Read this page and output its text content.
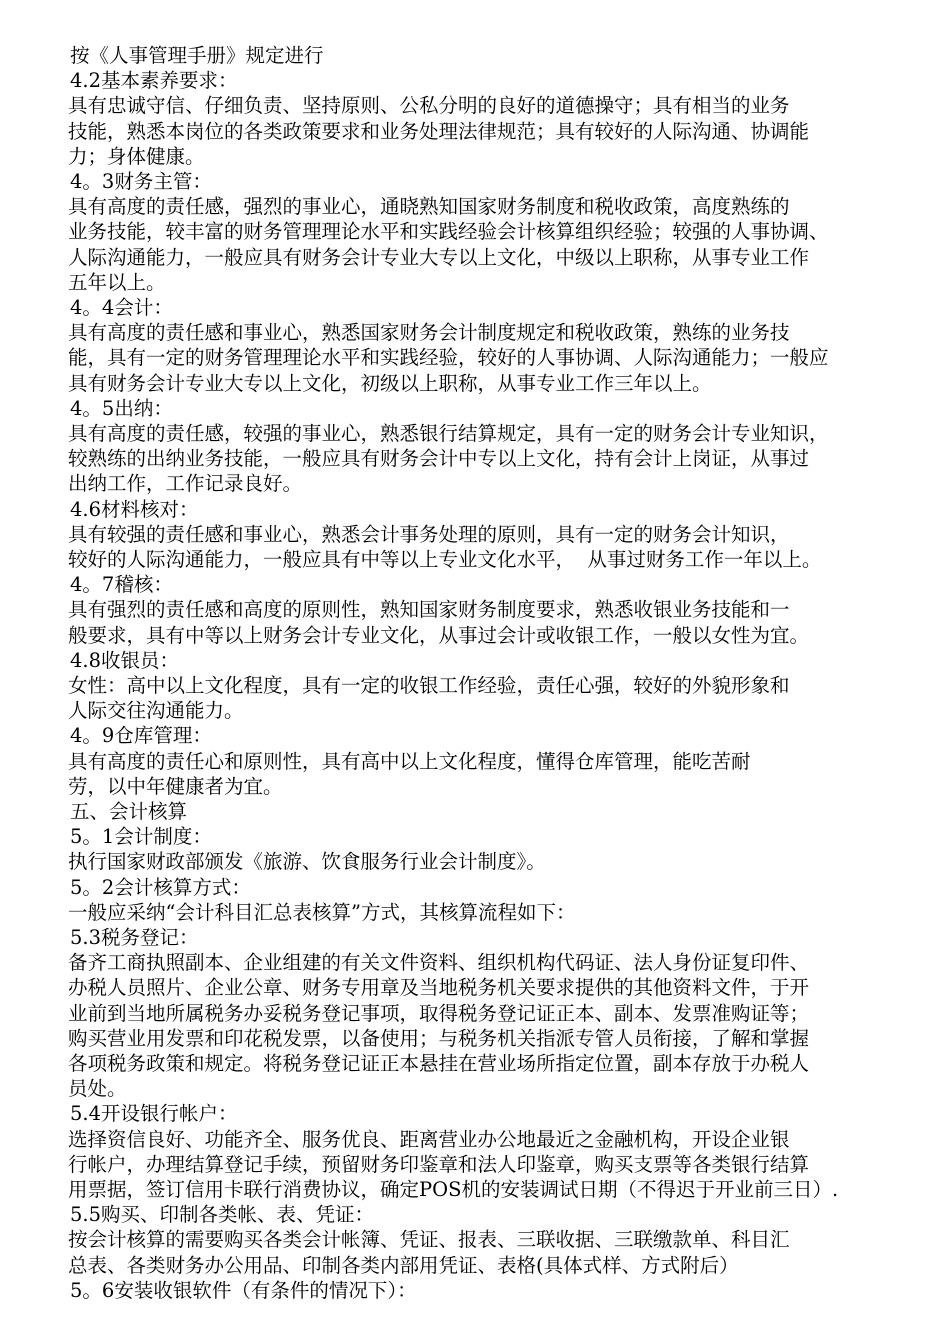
按《人事管理手册》规定进行
4.2基本素养要求：
具有忠诚守信、仔细负责、坚持原则、公私分明的良好的道德操守；具有相当的业务
技能，熟悉本岗位的各类政策要求和业务处理法律规范；具有较好的人际沟通、协调能
力；身体健康。
4。3财务主管：
具有高度的责任感，强烈的事业心，通晓熟知国家财务制度和税收政策，高度熟练的
业务技能，较丰富的财务管理理论水平和实践经验会计核算组织经验；较强的人事协调、
人际沟通能力，一般应具有财务会计专业大专以上文化，中级以上职称，从事专业工作
五年以上。
4。4会计：
具有高度的责任感和事业心，熟悉国家财务会计制度规定和税收政策，熟练的业务技
能，具有一定的财务管理理论水平和实践经验，较好的人事协调、人际沟通能力；一般应
具有财务会计专业大专以上文化，初级以上职称，从事专业工作三年以上。
4。5出纳：
具有高度的责任感，较强的事业心，熟悉银行结算规定，具有一定的财务会计专业知识，
较熟练的出纳业务技能，一般应具有财务会计中专以上文化，持有会计上岗证，从事过
出纳工作，工作记录良好。
4.6材料核对：
具有较强的责任感和事业心，熟悉会计事务处理的原则，具有一定的财务会计知识，
较好的人际沟通能力，一般应具有中等以上专业文化水平，  从事过财务工作一年以上。
4。7稽核：
具有强烈的责任感和高度的原则性，熟知国家财务制度要求，熟悉收银业务技能和一
般要求，具有中等以上财务会计专业文化，从事过会计或收银工作，一般以女性为宜。
4.8收银员：
女性：高中以上文化程度，具有一定的收银工作经验，责任心强，较好的外貌形象和
人际交往沟通能力。
4。9仓库管理：
具有高度的责任心和原则性，具有高中以上文化程度，懂得仓库管理，能吃苦耐
劳，以中年健康者为宜。
五、会计核算
5。1会计制度：
执行国家财政部颁发《旅游、饮食服务行业会计制度》。
5。2会计核算方式：
一般应采纳“会计科目汇总表核算”方式，其核算流程如下：
5.3税务登记：
备齐工商执照副本、企业组建的有关文件资料、组织机构代码证、法人身份证复印件、
办税人员照片、企业公章、财务专用章及当地税务机关要求提供的其他资料文件，于开
业前到当地所属税务办妥税务登记事项，取得税务登记证正本、副本、发票准购证等；
购买营业用发票和印花税发票，以备使用；与税务机关指派专管人员衔接，了解和掌握
各项税务政策和规定。将税务登记证正本悬挂在营业场所指定位置，副本存放于办税人
员处。
5.4开设银行帐户：
选择资信良好、功能齐全、服务优良、距离营业办公地最近之金融机构，开设企业银
行帐户，办理结算登记手续，预留财务印鉴章和法人印鉴章，购买支票等各类银行结算
用票据，签订信用卡联行消费协议，确定POS机的安装调试日期（不得迟于开业前三日）.
5.5购买、印制各类帐、表、凭证：
按会计核算的需要购买各类会计帐簿、凭证、报表、三联收据、三联缴款单、科目汇
总表、各类财务办公用品、印制各类内部用凭证、表格(具体式样、方式附后）
5。6安装收银软件（有条件的情况下）：
